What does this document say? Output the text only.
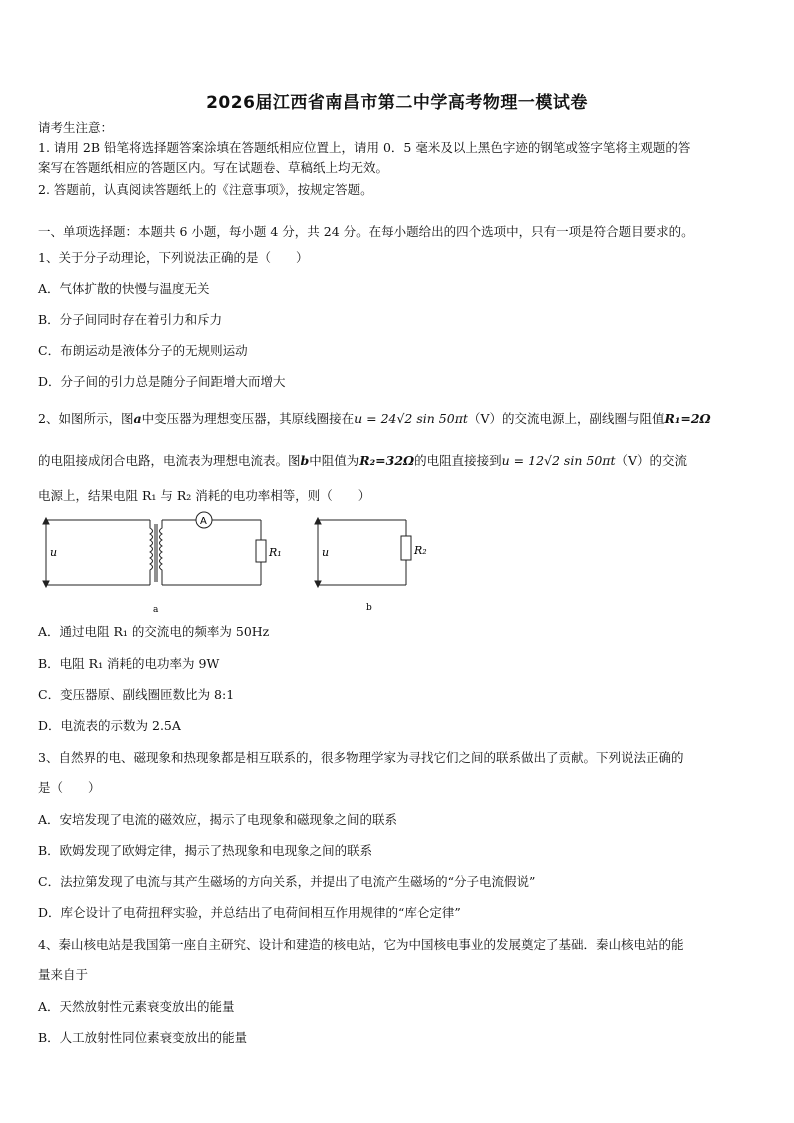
2026届江西省南昌市第二中学高考物理一模试卷
请考生注意：
1. 请用 2B 铅笔将选择题答案涂填在答题纸相应位置上，请用 0．5 毫米及以上黑色字迹的钢笔或签字笔将主观题的答
案写在答题纸相应的答题区内。写在试题卷、草稿纸上均无效。
2. 答题前，认真阅读答题纸上的《注意事项》，按规定答题。
一、单项选择题：本题共 6 小题，每小题 4 分，共 24 分。在每小题给出的四个选项中，只有一项是符合题目要求的。
1、关于分子动理论，下列说法正确的是（　　）
A．气体扩散的快慢与温度无关
B．分子间同时存在着引力和斥力
C．布朗运动是液体分子的无规则运动
D．分子间的引力总是随分子间距增大而增大
2、如图所示，图a中变压器为理想变压器，其原线圈接在u = 24√2 sin 50πt（V）的交流电源上，副线圈与阻值R₁=2Ω
的电阻接成闭合电路，电流表为理想电流表。图b中阻值为R₂=32Ω的电阻直接接到u = 12√2 sin 50πt（V）的交流
电源上，结果电阻 R₁ 与 R₂ 消耗的电功率相等，则（　　）
u
A
R₁	u	R₂
a	b
A．通过电阻 R₁ 的交流电的频率为 50Hz
B．电阻 R₁ 消耗的电功率为 9W
C．变压器原、副线圈匝数比为 8:1
D．电流表的示数为 2.5A
3、自然界的电、磁现象和热现象都是相互联系的，很多物理学家为寻找它们之间的联系做出了贡献。下列说法正确的
是（　　）
A．安培发现了电流的磁效应，揭示了电现象和磁现象之间的联系
B．欧姆发现了欧姆定律，揭示了热现象和电现象之间的联系
C．法拉第发现了电流与其产生磁场的方向关系，并提出了电流产生磁场的“分子电流假说”
D．库仑设计了电荷扭秤实验，并总结出了电荷间相互作用规律的“库仑定律”
4、秦山核电站是我国第一座自主研究、设计和建造的核电站，它为中国核电事业的发展奠定了基础．秦山核电站的能
量来自于
A．天然放射性元素衰变放出的能量
B．人工放射性同位素衰变放出的能量
